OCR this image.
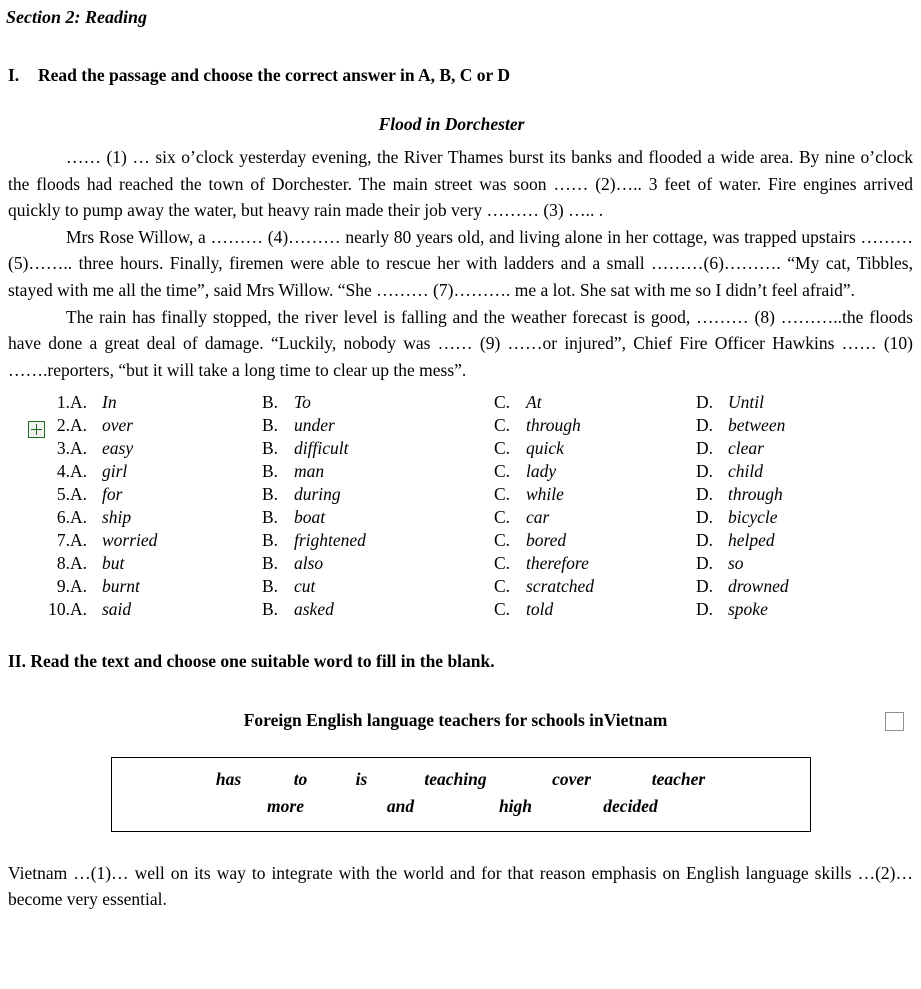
Section 2: Reading
I. Read the passage and choose the correct answer in A, B, C or D
Flood in Dorchester

…… (1) … six o’clock yesterday evening, the River Thames burst its banks and flooded a wide area. By nine o’clock the floods had reached the town of Dorchester. The main street was soon …… (2)….. 3 feet of water. Fire engines arrived quickly to pump away the water, but heavy rain made their job very ……… (3) ….. .

Mrs Rose Willow, a ……… (4)……… nearly 80 years old, and living alone in her cottage, was trapped upstairs ……… (5)…….. three hours. Finally, firemen were able to rescue her with ladders and a small ………(6)………. “My cat, Tibbles, stayed with me all the time”, said Mrs Willow. “She ……… (7)………. me a lot. She sat with me so I didn’t feel afraid”.

The rain has finally stopped, the river level is falling and the weather forecast is good, ……… (8) ………..the floods have done a great deal of damage. “Luckily, nobody was …… (9) ……or injured”, Chief Fire Officer Hawkins …… (10) …….reporters, “but it will take a long time to clear up the mess”.

1.	A.	In	B.	To	C.	At	D.	Until
2.	A.	over	B.	under	C.	through	D.	between
3.	A.	easy	B.	difficult	C.	quick	D.	clear
4.	A.	girl	B.	man	C.	lady	D.	child
5.	A.	for	B.	during	C.	while	D.	through
6.	A.	ship	B.	boat	C.	car	D.	bicycle
7.	A.	worried	B.	frightened	C.	bored	D.	helped
8.	A.	but	B.	also	C.	therefore	D.	so
9.	A.	burnt	B.	cut	C.	scratched	D.	drowned
10.	A.	said	B.	asked	C.	told	D.	spoke
II. Read the text and choose one suitable word to fill in the blank.
Foreign English language teachers for schools inVietnam
has	to	is	teaching	cover	teacher
more	and	high	decided

Vietnam …(1)… well on its way to integrate with the world and for that reason emphasis on English language skills …(2)… become very essential.
